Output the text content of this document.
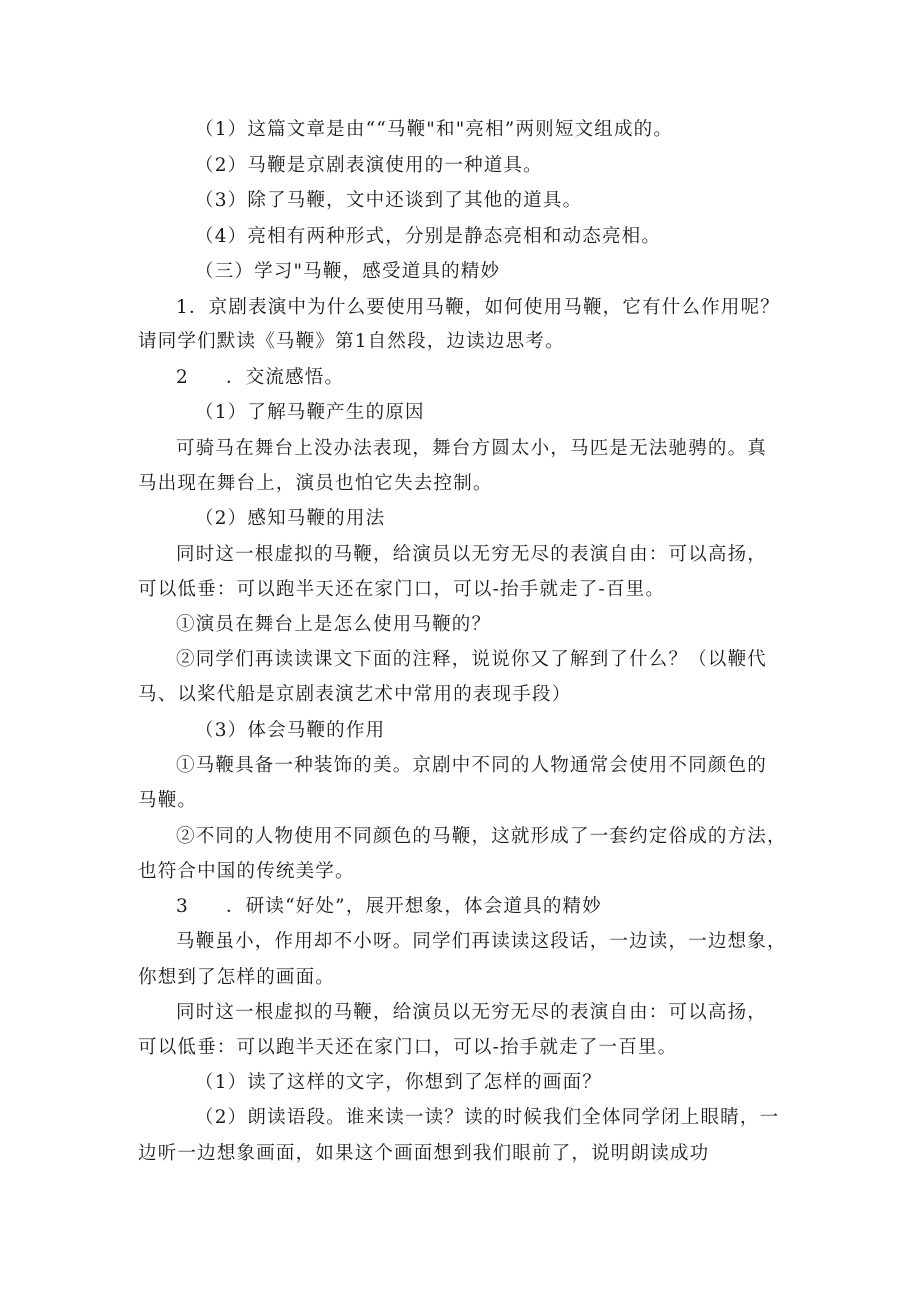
（1）这篇文章是由““马鞭"和"亮相”两则短文组成的。
（2）马鞭是京剧表演使用的一种道具。
（3）除了马鞭，文中还谈到了其他的道具。
（4）亮相有两种形式，分别是静态亮相和动态亮相。
（三）学习"马鞭，感受道具的精妙
1．京剧表演中为什么要使用马鞭，如何使用马鞭，它有什么作用呢？
请同学们默读《马鞭》第1自然段，边读边思考。
2 ．交流感悟。
（1）了解马鞭产生的原因
可骑马在舞台上没办法表现，舞台方圆太小，马匹是无法驰骋的。真
马出现在舞台上，演员也怕它失去控制。
（2）感知马鞭的用法
同时这一根虚拟的马鞭，给演员以无穷无尽的表演自由：可以高扬，
可以低垂：可以跑半天还在家门口，可以-抬手就走了-百里。
①演员在舞台上是怎么使用马鞭的？
②同学们再读读课文下面的注释，说说你又了解到了什么？（以鞭代
马、以桨代船是京剧表演艺术中常用的表现手段）
（3）体会马鞭的作用
①马鞭具备一种装饰的美。京剧中不同的人物通常会使用不同颜色的
马鞭。
②不同的人物使用不同颜色的马鞭，这就形成了一套约定俗成的方法，
也符合中国的传统美学。
3 ．研读“好处”，展开想象，体会道具的精妙
马鞭虽小，作用却不小呀。同学们再读读这段话，一边读，一边想象，
你想到了怎样的画面。
同时这一根虚拟的马鞭，给演员以无穷无尽的表演自由：可以高扬，
可以低垂：可以跑半天还在家门口，可以-抬手就走了一百里。
（1）读了这样的文字，你想到了怎样的画面？
（2）朗读语段。谁来读一读？读的时候我们全体同学闭上眼睛，一
边听一边想象画面，如果这个画面想到我们眼前了，说明朗读成功
